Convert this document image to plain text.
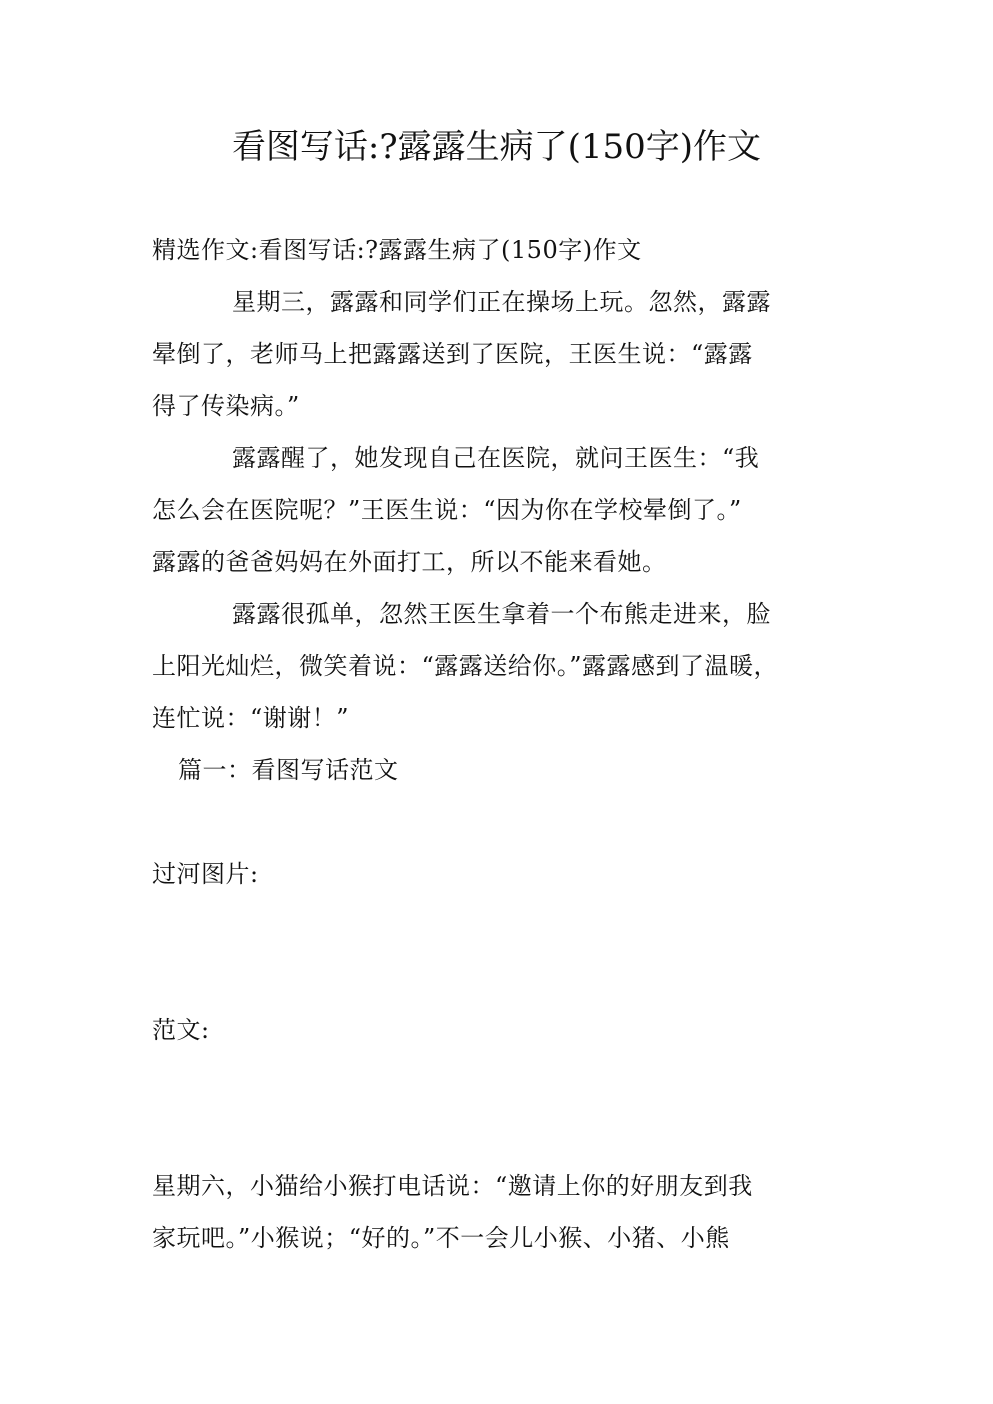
看图写话:?露露生病了(150字)作文
精选作文:看图写话:?露露生病了(150字)作文
星期三，露露和同学们正在操场上玩。忽然，露露
晕倒了，老师马上把露露送到了医院，王医生说：“露露
得了传染病。”
露露醒了，她发现自己在医院，就问王医生：“我
怎么会在医院呢？”王医生说：“因为你在学校晕倒了。”
露露的爸爸妈妈在外面打工，所以不能来看她。
露露很孤单，忽然王医生拿着一个布熊走进来，脸
上阳光灿烂，微笑着说：“露露送给你。”露露感到了温暖，
连忙说：“谢谢！”
篇一：看图写话范文
过河图片:
范文:
星期六，小猫给小猴打电话说：“邀请上你的好朋友到我
家玩吧。”小猴说；“好的。”不一会儿小猴、小猪、小熊
